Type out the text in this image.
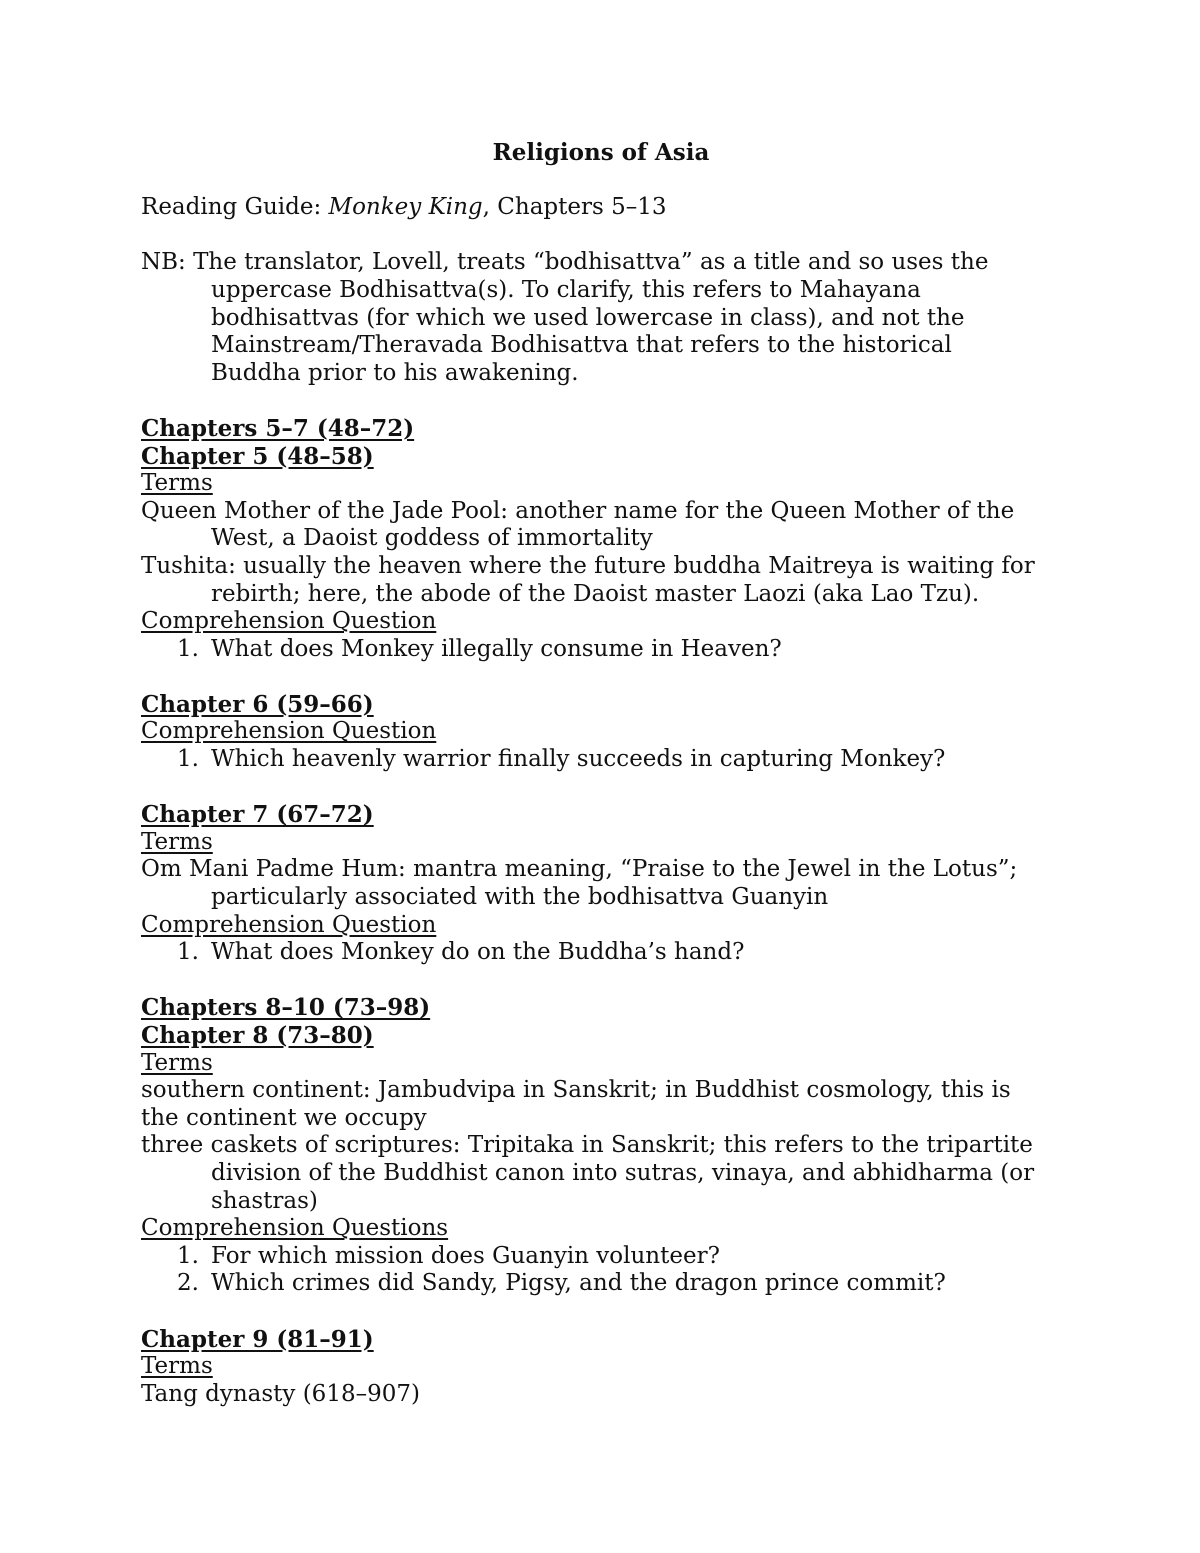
Religions of Asia

Reading Guide: Monkey King, Chapters 5–13

NB: The translator, Lovell, treats “bodhisattva” as a title and so uses the
uppercase Bodhisattva(s). To clarify, this refers to Mahayana
bodhisattvas (for which we used lowercase in class), and not the
Mainstream/Theravada Bodhisattva that refers to the historical
Buddha prior to his awakening.

Chapters 5–7 (48–72)

Chapter 5 (48–58)

Terms

Queen Mother of the Jade Pool: another name for the Queen Mother of the
West, a Daoist goddess of immortality
Tushita: usually the heaven where the future buddha Maitreya is waiting for
rebirth; here, the abode of the Daoist master Laozi (aka Lao Tzu).

Comprehension Question

1. What does Monkey illegally consume in Heaven?

Chapter 6 (59–66)

Comprehension Question

1. Which heavenly warrior finally succeeds in capturing Monkey?

Chapter 7 (67–72)

Terms

Om Mani Padme Hum: mantra meaning, “Praise to the Jewel in the Lotus”;
particularly associated with the bodhisattva Guanyin

Comprehension Question

1. What does Monkey do on the Buddha’s hand?

Chapters 8–10 (73–98)

Chapter 8 (73–80)

Terms

southern continent: Jambudvipa in Sanskrit; in Buddhist cosmology, this is

the continent we occupy

three caskets of scriptures: Tripitaka in Sanskrit; this refers to the tripartite
division of the Buddhist canon into sutras, vinaya, and abhidharma (or
shastras)

Comprehension Questions

1. For which mission does Guanyin volunteer?

2. Which crimes did Sandy, Pigsy, and the dragon prince commit?

Chapter 9 (81–91)

Terms

Tang dynasty (618–907)
